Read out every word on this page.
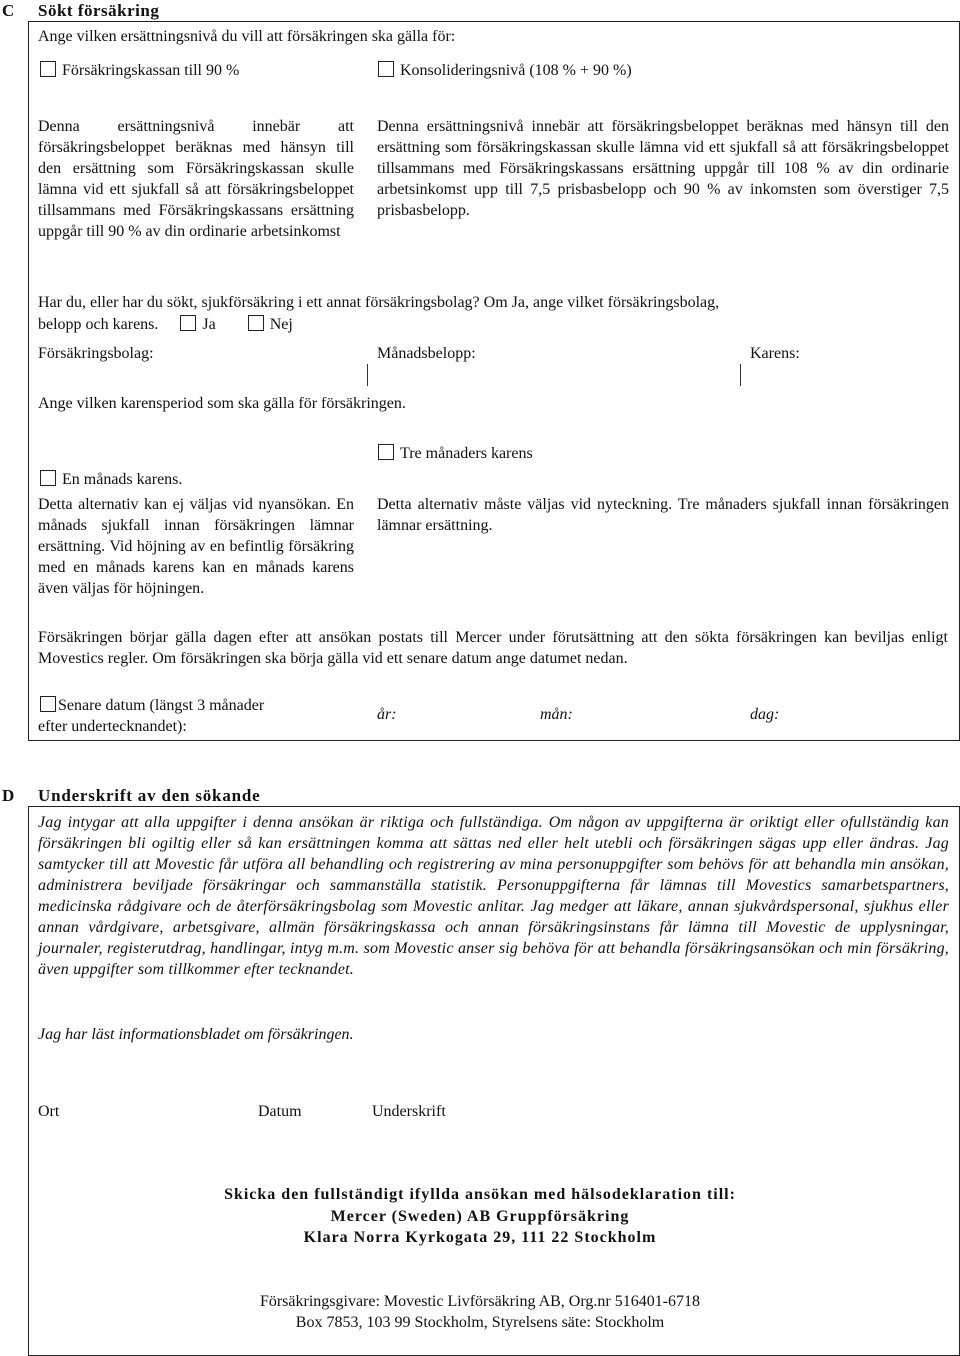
C Sökt försäkring
Ange vilken ersättningsnivå du vill att försäkringen ska gälla för:
Försäkringskassan till 90 %	Konsolideringsnivå (108 % + 90 %)

Denna ersättningsnivå innebär att försäkringsbeloppet beräknas med hänsyn till den ersättning som Försäkringskassan skulle lämna vid ett sjukfall så att försäkringsbeloppet tillsammans med Försäkringskassans ersättning uppgår till 90 % av din ordinarie arbetsinkomst

Denna ersättningsnivå innebär att försäkringsbeloppet beräknas med hänsyn till den ersättning som försäkringskassan skulle lämna vid ett sjukfall så att försäkringsbeloppet tillsammans med Försäkringskassans ersättning uppgår till 108 % av din ordinarie arbetsinkomst upp till 7,5 prisbasbelopp och 90 % av inkomsten som överstiger 7,5 prisbasbelopp.

Har du, eller har du sökt, sjukförsäkring i ett annat försäkringsbolag? Om Ja, ange vilket försäkringsbolag,
belopp och karens.	Ja	Nej
Försäkringsbolag:	Månadsbelopp:	Karens:
Ange vilken karensperiod som ska gälla för försäkringen.
En månads karens.

Detta alternativ kan ej väljas vid nyansökan. En månads sjukfall innan försäkringen lämnar ersättning. Vid höjning av en befintlig försäkring med en månads karens kan en månads karens även väljas för höjningen.

Tre månaders karens

Detta alternativ måste väljas vid nyteckning. Tre månaders sjukfall innan försäkringen lämnar ersättning.

Försäkringen börjar gälla dagen efter att ansökan postats till Mercer under förutsättning att den sökta försäkringen kan beviljas enligt Movestics regler. Om försäkringen ska börja gälla vid ett senare datum ange datumet nedan.

Senare datum (längst 3 månader
efter undertecknandet):
år:	mån:	dag:
D Underskrift av den sökande

Jag intygar att alla uppgifter i denna ansökan är riktiga och fullständiga. Om någon av uppgifterna är oriktigt eller ofullständig kan försäkringen bli ogiltig eller så kan ersättningen komma att sättas ned eller helt utebli och försäkringen sägas upp eller ändras. Jag samtycker till att Movestic får utföra all behandling och registrering av mina personuppgifter som behövs för att behandla min ansökan, administrera beviljade försäkringar och sammanställa statistik. Personuppgifterna får lämnas till Movestics samarbetspartners, medicinska rådgivare och de återförsäkringsbolag som Movestic anlitar. Jag medger att läkare, annan sjukvårdspersonal, sjukhus eller annan vårdgivare, arbetsgivare, allmän försäkringskassa och annan försäkringsinstans får lämna till Movestic de upplysningar, journaler, registerutdrag, handlingar, intyg m.m. som Movestic anser sig behöva för att behandla försäkringsansökan och min försäkring, även uppgifter som tillkommer efter tecknandet.

Jag har läst informationsbladet om försäkringen.
Ort	Datum	Underskrift
Skicka den fullständigt ifyllda ansökan med hälsodeklaration till:
Mercer (Sweden) AB Gruppförsäkring
Klara Norra Kyrkogata 29, 111 22 Stockholm
Försäkringsgivare: Movestic Livförsäkring AB, Org.nr 516401-6718
Box 7853, 103 99 Stockholm, Styrelsens säte: Stockholm
